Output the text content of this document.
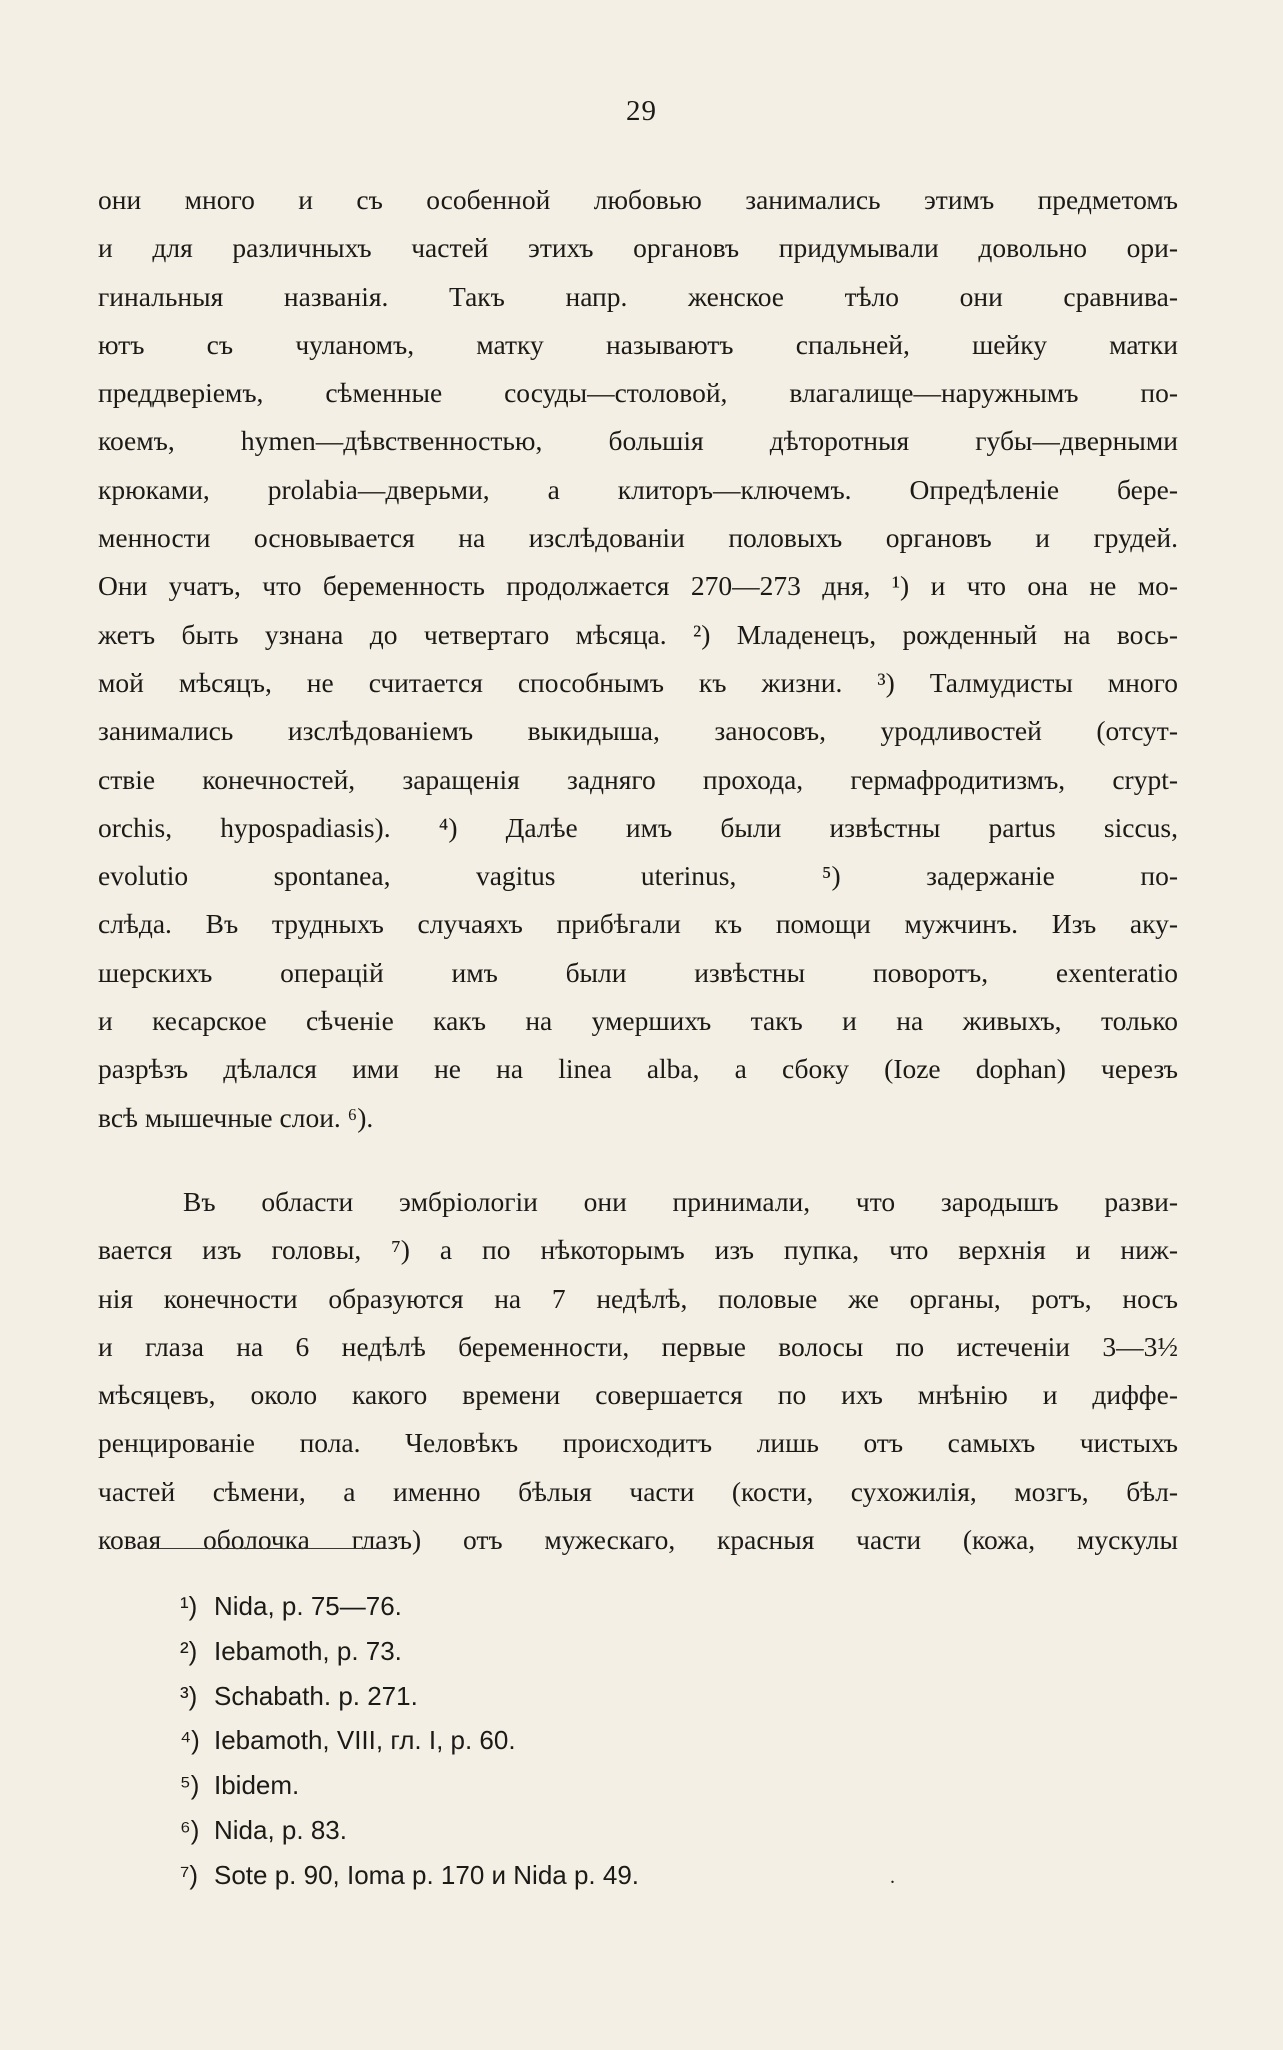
29
они много и съ особенной любовью занимались этимъ предметомъ
и для различныхъ частей этихъ органовъ придумывали довольно ори-
гинальныя названія. Такъ напр. женское тѣло они сравнива-
ютъ съ чуланомъ, матку называютъ спальней, шейку матки
преддверіемъ, сѣменные сосуды—столовой, влагалище—наружнымъ по-
коемъ, hymen—дѣвственностью, большія дѣторотныя губы—дверными
крюками, prolabia—дверьми, а клиторъ—ключемъ. Опредѣленіе бере-
менности основывается на изслѣдованіи половыхъ органовъ и грудей.
Они учатъ, что беременность продолжается 270—273 дня, ¹) и что она не мо-
жетъ быть узнана до четвертаго мѣсяца. ²) Младенецъ, рожденный на вось-
мой мѣсяцъ, не считается способнымъ къ жизни. ³) Талмудисты много
занимались изслѣдованіемъ выкидыша, заносовъ, уродливостей (отсут-
ствіе конечностей, заращенія задняго прохода, гермафродитизмъ, crypt-
orchis, hypospadiasis). ⁴) Далѣе имъ были извѣстны partus siccus,
evolutio spontanea, vagitus uterinus, ⁵) задержаніе по-
слѣда. Въ трудныхъ случаяхъ прибѣгали къ помощи мужчинъ. Изъ аку-
шерскихъ операцій имъ были извѣстны поворотъ, exenteratio
и кесарское сѣченіе какъ на умершихъ такъ и на живыхъ, только
разрѣзъ дѣлался ими не на linea alba, а сбоку (Ioze dophan) черезъ
всѣ мышечные слои. ⁶).
Въ области эмбріологіи они принимали, что зародышъ разви-
вается изъ головы, ⁷) а по нѣкоторымъ изъ пупка, что верхнія и ниж-
нія конечности образуются на 7 недѣлѣ, половые же органы, ротъ, носъ
и глаза на 6 недѣлѣ беременности, первые волосы по истеченіи 3—3½
мѣсяцевъ, около какого времени совершается по ихъ мнѣнію и диффе-
ренцированіе пола. Человѣкъ происходитъ лишь отъ самыхъ чистыхъ
частей сѣмени, а именно бѣлыя части (кости, сухожилія, мозгъ, бѣл-
ковая оболочка глазъ) отъ мужескаго, красныя части (кожа, мускулы
¹) Nida, p. 75—76.
²) Iebamoth, p. 73.
³) Schabath. p. 271.
⁴) Iebamoth, VIII, гл. I, p. 60.
⁵) Ibidem.
⁶) Nida, p. 83.
⁷) Sote p. 90, Ioma p. 170 и Nida p. 49.	.
